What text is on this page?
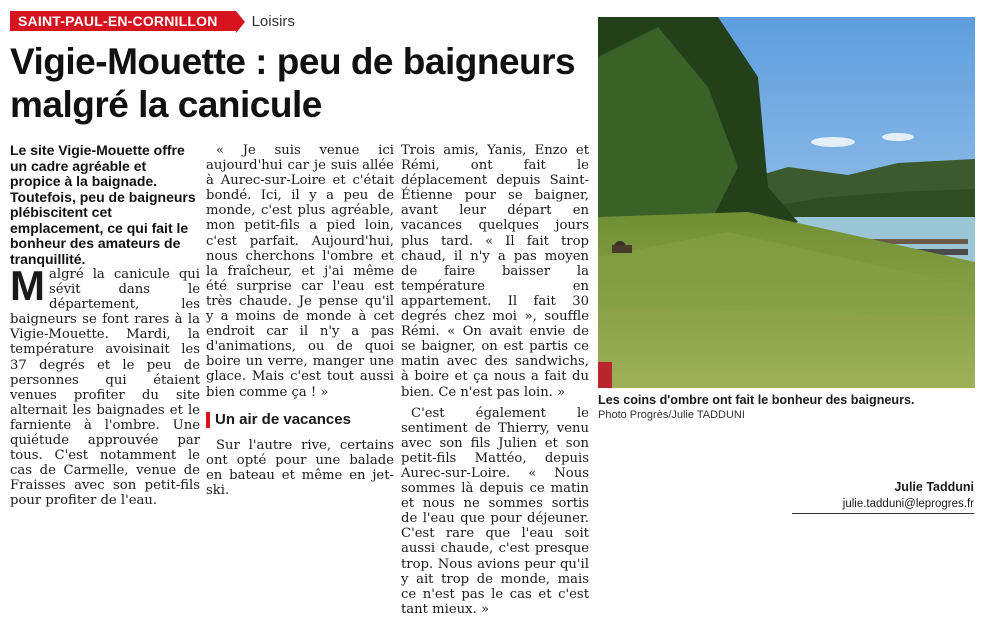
SAINT-PAUL-EN-CORNILLON	Loisirs
Vigie-Mouette : peu de baigneurs malgré la canicule

Le site Vigie-Mouette offre un cadre agréable et propice à la baignade. Toutefois, peu de baigneurs plébiscitent cet emplacement, ce qui fait le bonheur des amateurs de tranquillité.

Malgré la canicule qui sévit dans le département, les baigneurs se font rares à la Vigie-Mouette. Mardi, la température avoisinait les 37 degrés et le peu de personnes qui étaient venues profiter du site alternait les baignades et le farniente à l'ombre. Une quiétude approuvée par tous. C'est notamment le cas de Carmelle, venue de Fraisses avec son petit-fils pour profiter de l'eau.

« Je suis venue ici aujourd'hui car je suis allée à Aurec-sur-Loire et c'était bondé. Ici, il y a peu de monde, c'est plus agréable, mon petit-fils a pied loin, c'est parfait. Aujourd'hui, nous cherchons l'ombre et la fraîcheur, et j'ai même été surprise car l'eau est très chaude. Je pense qu'il y a moins de monde à cet endroit car il n'y a pas d'animations, ou de quoi boire un verre, manger une glace. Mais c'est tout aussi bien comme ça ! »

Un air de vacances

Sur l'autre rive, certains ont opté pour une balade en bateau et même en jet-ski.

Trois amis, Yanis, Enzo et Rémi, ont fait le déplacement depuis Saint-Étienne pour se baigner, avant leur départ en vacances quelques jours plus tard. « Il fait trop chaud, il n'y a pas moyen de faire baisser la température en appartement. Il fait 30 degrés chez moi », souffle Rémi. « On avait envie de se baigner, on est partis ce matin avec des sandwichs, à boire et ça nous a fait du bien. Ce n'est pas loin. »

C'est également le sentiment de Thierry, venu avec son fils Julien et son petit-fils Mattéo, depuis Aurec-sur-Loire. « Nous sommes là depuis ce matin et nous ne sommes sortis de l'eau que pour déjeuner. C'est rare que l'eau soit aussi chaude, c'est presque trop. Nous avions peur qu'il y ait trop de monde, mais ce n'est pas le cas et c'est tant mieux. »

Julie Tadduni
julie.tadduni@leprogres.fr
Les coins d'ombre ont fait le bonheur des baigneurs.
Photo Progrès/Julie TADDUNI
